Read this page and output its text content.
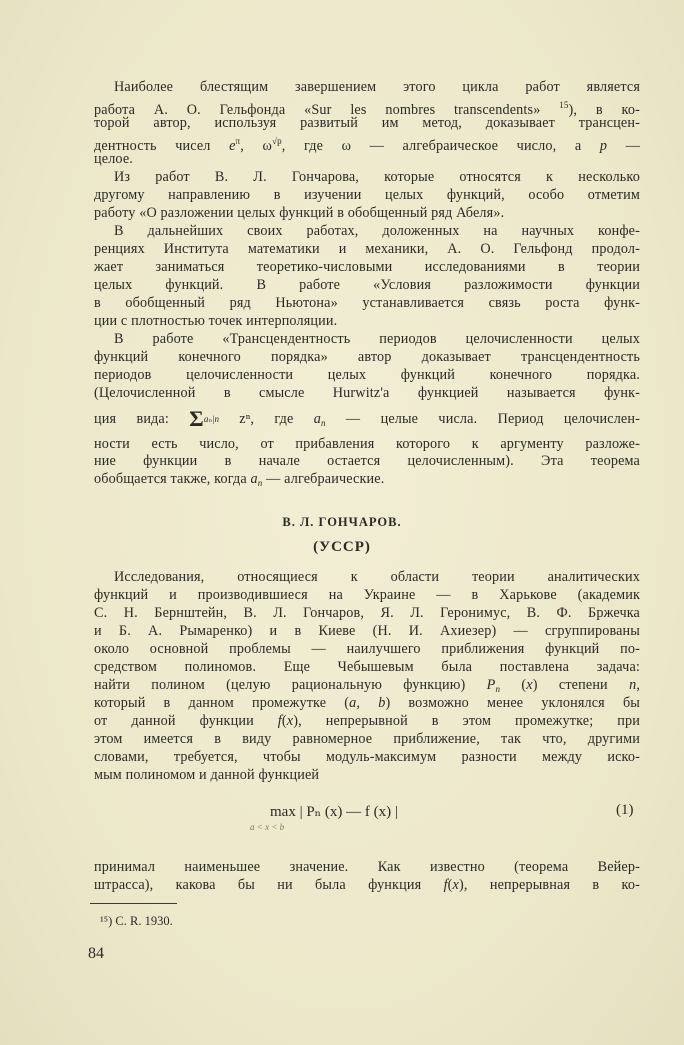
Наиболее блестящим завершением этого цикла работ является
работа А. О. Гельфонда «Sur les nombres transcendents» $^{15}$), в ко-
торой автор, используя развитый им метод, доказывает трансцен-
дентность чисел $e^\pi$, $\omega^{√p}$, где ω — алгебраическое число, а p —
целое.
Из работ В. Л. Гончарова, которые относятся к несколько
другому направлению в изучении целых функций, особо отметим
работу «О разложении целых функций в обобщенный ряд Абеля».
В дальнейших своих работах, доложенных на научных конфе-
ренциях Института математики и механики, А. О. Гельфонд продол-
жает заниматься теоретико-числовыми исследованиями в теории
целых функций. В работе «Условия разложимости функции
в обобщенный ряд Ньютона» устанавливается связь роста функ-
ции с плотностью точек интерполяции.
В работе «Трансцендентность периодов целочисленности целых
функций конечного порядка» автор доказывает трансцендентность
периодов целочисленности целых функций конечного порядка.
(Целочисленной в смысле Hurwitz'а функцией называется функ-
ция вида: Σaₙ|n zⁿ, где $a_n$ — целые числа. Период целочислен-
ности есть число, от прибавления которого к аргументу разложе-
ние функции в начале остается целочисленным). Эта теорема
обобщается также, когда $a_n$ — алгебраические.
В. Л. ГОНЧАРОВ.
(УССР)
Исследования, относящиеся к области теории аналитических
функций и производившиеся на Украине — в Харькове (академик
С. Н. Бернштейн, В. Л. Гончаров, Я. Л. Геронимус, В. Ф. Бржечка
и Б. А. Рымаренко) и в Киеве (Н. И. Ахиезер) — сгруппированы
около основной проблемы — наилучшего приближения функций по-
средством полиномов. Еще Чебышевым была поставлена задача:
найти полином (целую рациональную функцию) $P_n$ (x) степени n,
который в данном промежутке (a, b) возможно менее уклонялся бы
от данной функции f(x), непрерывной в этом промежутке; при
этом имеется в виду равномерное приближение, так что, другими
словами, требуется, чтобы модуль-максимум разности между иско-
мым полиномом и данной функцией
max | Pₙ (x) — f (x) |
a < x < b
(1)
принимал наименьшее значение. Как известно (теорема Вейер-
штрасса), какова бы ни была функция f(x), непрерывная в ко-
¹⁵) C. R. 1930.
84
